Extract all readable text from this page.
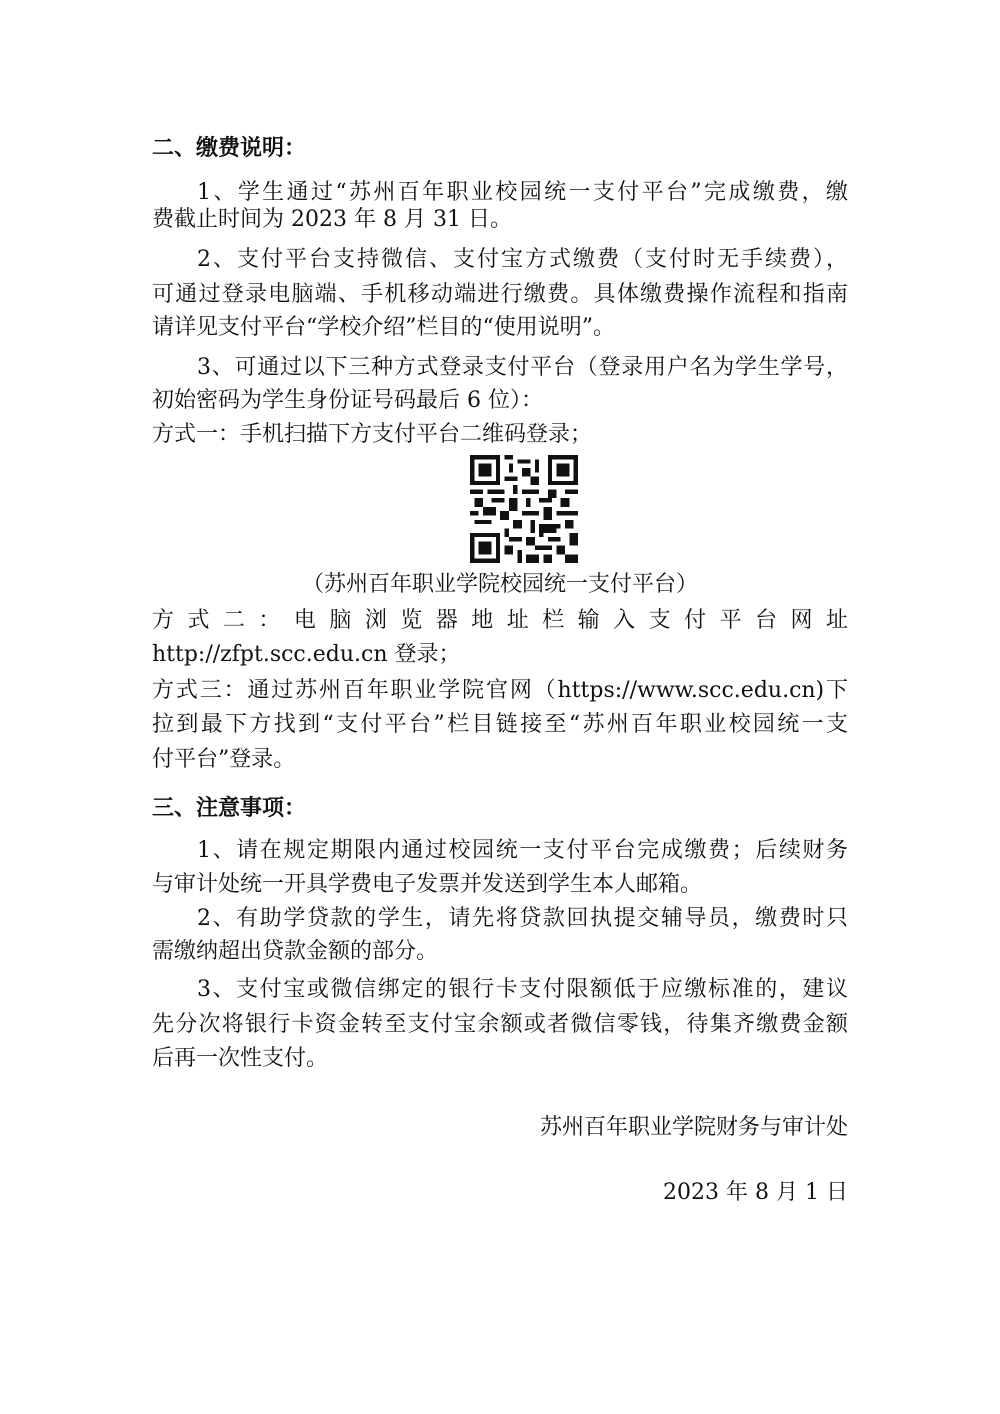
二、缴费说明：

1、学生通过“苏州百年职业校园统一支付平台”完成缴费，缴

费截止时间为 2023 年 8 月 31 日。

2、支付平台支持微信、支付宝方式缴费（支付时无手续费），

可通过登录电脑端、手机移动端进行缴费。具体缴费操作流程和指南

请详见支付平台“学校介绍”栏目的“使用说明”。

3、可通过以下三种方式登录支付平台（登录用户名为学生学号，

初始密码为学生身份证号码最后 6 位）：

方式一：手机扫描下方支付平台二维码登录；

（苏州百年职业学院校园统一支付平台）

方 式 二 ： 电 脑 浏 览 器 地 址 栏 输 入 支 付 平 台 网 址

http://zfpt.scc.edu.cn 登录；

方式三：通过苏州百年职业学院官网（https://www.scc.edu.cn)下

拉到最下方找到“支付平台”栏目链接至“苏州百年职业校园统一支

付平台”登录。

三、注意事项：

1、请在规定期限内通过校园统一支付平台完成缴费；后续财务

与审计处统一开具学费电子发票并发送到学生本人邮箱。

2、有助学贷款的学生，请先将贷款回执提交辅导员，缴费时只

需缴纳超出贷款金额的部分。

3、支付宝或微信绑定的银行卡支付限额低于应缴标准的，建议

先分次将银行卡资金转至支付宝余额或者微信零钱，待集齐缴费金额

后再一次性支付。

苏州百年职业学院财务与审计处

2023 年 8 月 1 日
